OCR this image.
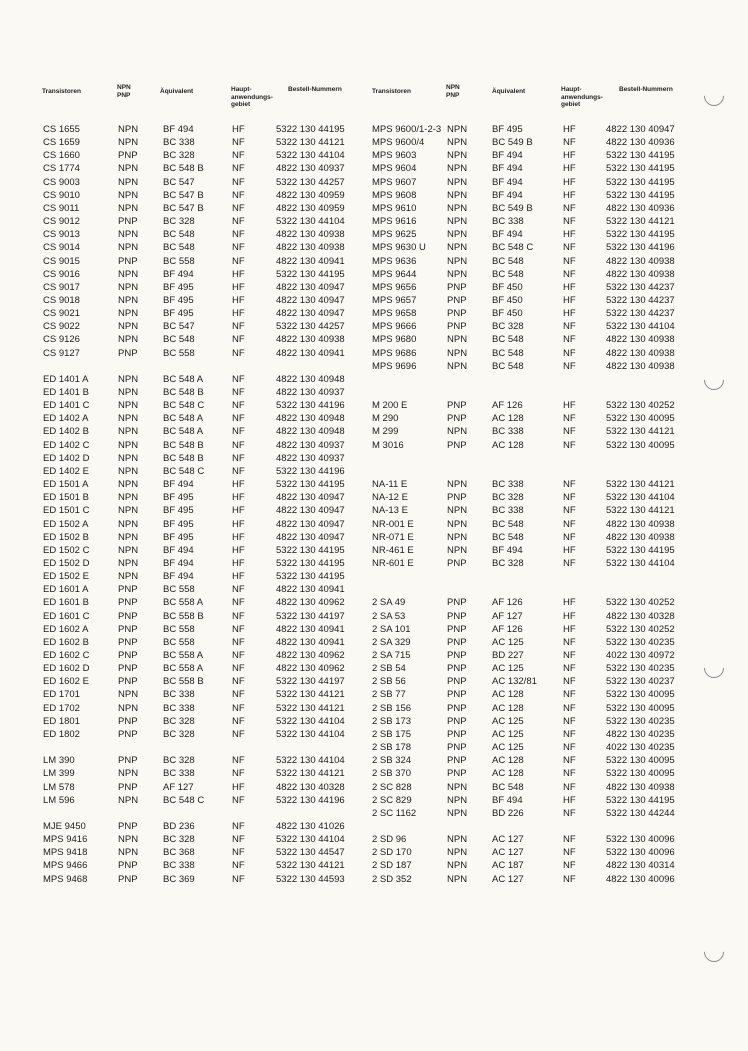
Transistoren
NPN
PNP	Äquivalent	Haupt-
anwendungs-
gebiet
Bestell-Nummern	Transistoren
NPN
PNP	Äquivalent	Haupt-
anwendungs-
gebiet
Bestell-Nummern
CS 1655	NPN	BF 494	HF	5322 130 44195
CS 1659	NPN	BC 338	NF	5322 130 44121
CS 1660	PNP	BC 328	NF	5322 130 44104
CS 1774	NPN	BC 548 B	NF	4822 130 40937
CS 9003	NPN	BC 547	NF	5322 130 44257
CS 9010	NPN	BC 547 B	NF	4822 130 40959
CS 9011	NPN	BC 547 B	NF	4822 130 40959
CS 9012	PNP	BC 328	NF	5322 130 44104
CS 9013	NPN	BC 548	NF	4822 130 40938
CS 9014	NPN	BC 548	NF	4822 130 40938
CS 9015	PNP	BC 558	NF	4822 130 40941
CS 9016	NPN	BF 494	HF	5322 130 44195
CS 9017	NPN	BF 495	HF	4822 130 40947
CS 9018	NPN	BF 495	HF	4822 130 40947
CS 9021	NPN	BF 495	HF	4822 130 40947
CS 9022	NPN	BC 547	NF	5322 130 44257
CS 9126	NPN	BC 548	NF	4822 130 40938
CS 9127	PNP	BC 558	NF	4822 130 40941
ED 1401 A	NPN	BC 548 A	NF	4822 130 40948
ED 1401 B	NPN	BC 548 B	NF	4822 130 40937
ED 1401 C	NPN	BC 548 C	NF	5322 130 44196
ED 1402 A	NPN	BC 548 A	NF	4822 130 40948
ED 1402 B	NPN	BC 548 A	NF	4822 130 40948
ED 1402 C	NPN	BC 548 B	NF	4822 130 40937
ED 1402 D	NPN	BC 548 B	NF	4822 130 40937
ED 1402 E	NPN	BC 548 C	NF	5322 130 44196
ED 1501 A	NPN	BF 494	HF	5322 130 44195
ED 1501 B	NPN	BF 495	HF	4822 130 40947
ED 1501 C	NPN	BF 495	HF	4822 130 40947
ED 1502 A	NPN	BF 495	HF	4822 130 40947
ED 1502 B	NPN	BF 495	HF	4822 130 40947
ED 1502 C	NPN	BF 494	HF	5322 130 44195
ED 1502 D	NPN	BF 494	HF	5322 130 44195
ED 1502 E	NPN	BF 494	HF	5322 130 44195
ED 1601 A	PNP	BC 558	NF	4822 130 40941
ED 1601 B	PNP	BC 558 A	NF	4822 130 40962
ED 1601 C	PNP	BC 558 B	NF	5322 130 44197
ED 1602 A	PNP	BC 558	NF	4822 130 40941
ED 1602 B	PNP	BC 558	NF	4822 130 40941
ED 1602 C	PNP	BC 558 A	NF	4822 130 40962
ED 1602 D	PNP	BC 558 A	NF	4822 130 40962
ED 1602 E	PNP	BC 558 B	NF	5322 130 44197
ED 1701	NPN	BC 338	NF	5322 130 44121
ED 1702	NPN	BC 338	NF	5322 130 44121
ED 1801	PNP	BC 328	NF	5322 130 44104
ED 1802	PNP	BC 328	NF	5322 130 44104
LM 390	PNP	BC 328	NF	5322 130 44104
LM 399	NPN	BC 338	NF	5322 130 44121
LM 578	PNP	AF 127	HF	4822 130 40328
LM 596	NPN	BC 548 C	NF	5322 130 44196
MJE 9450	PNP	BD 236	NF	4822 130 41026
MPS 9416	NPN	BC 328	NF	5322 130 44104
MPS 9418	NPN	BC 368	NF	5322 130 44547
MPS 9466	PNP	BC 338	NF	5322 130 44121
MPS 9468	PNP	BC 369	NF	5322 130 44593
MPS 9600/1-2-3 NPN	BF 495	HF	4822 130 40947
MPS 9600/4 NPN	BC 549 B	NF	4822 130 40936
MPS 9603	NPN	BF 494	HF	5322 130 44195
MPS 9604	NPN	BF 494	HF	5322 130 44195
MPS 9607	NPN	BF 494	HF	5322 130 44195
MPS 9608	NPN	BF 494	HF	5322 130 44195
MPS 9610	NPN	BC 549 B	NF	4822 130 40936
MPS 9616	NPN	BC 338	NF	5322 130 44121
MPS 9625	NPN	BF 494	HF	5322 130 44195
MPS 9630 U NPN	BC 548 C	NF	5322 130 44196
MPS 9636	NPN	BC 548	NF	4822 130 40938
MPS 9644	NPN	BC 548	NF	4822 130 40938
MPS 9656	PNP	BF 450	HF	5322 130 44237
MPS 9657	PNP	BF 450	HF	5322 130 44237
MPS 9658	PNP	BF 450	HF	5322 130 44237
MPS 9666	PNP	BC 328	NF	5322 130 44104
MPS 9680	NPN	BC 548	NF	4822 130 40938
MPS 9686	NPN	BC 548	NF	4822 130 40938
MPS 9696	NPN	BC 548	NF	4822 130 40938
M 200 E	PNP	AF 126	HF	5322 130 40252
M 290	PNP	AC 128	NF	5322 130 40095
M 299	NPN	BC 338	NF	5322 130 44121
M 3016	PNP	AC 128	NF	5322 130 40095
NA-11 E	NPN	BC 338	NF	5322 130 44121
NA-12 E	PNP	BC 328	NF	5322 130 44104
NA-13 E	NPN	BC 338	NF	5322 130 44121
NR-001 E	NPN	BC 548	NF	4822 130 40938
NR-071 E	NPN	BC 548	NF	4822 130 40938
NR-461 E	NPN	BF 494	HF	5322 130 44195
NR-601 E	PNP	BC 328	NF	5322 130 44104
2 SA 49	PNP	AF 126	HF	5322 130 40252
2 SA 53	PNP	AF 127	HF	4822 130 40328
2 SA 101	PNP	AF 126	HF	5322 130 40252
2 SA 329	PNP	AC 125	NF	5322 130 40235
2 SA 715	PNP	BD 227	NF	4022 130 40972
2 SB 54	PNP	AC 125	NF	5322 130 40235
2 SB 56	PNP	AC 132/81	NF	5322 130 40237
2 SB 77	PNP	AC 128	NF	5322 130 40095
2 SB 156	PNP	AC 128	NF	5322 130 40095
2 SB 173	PNP	AC 125	NF	5322 130 40235
2 SB 175	PNP	AC 125	NF	4822 130 40235
2 SB 178	PNP	AC 125	NF	4022 130 40235
2 SB 324	PNP	AC 128	NF	5322 130 40095
2 SB 370	PNP	AC 128	NF	5322 130 40095
2 SC 828	NPN	BC 548	NF	4822 130 40938
2 SC 829	NPN	BF 494	HF	5322 130 44195
2 SC 1162	NPN	BD 226	NF	5322 130 44244
2 SD 96	NPN	AC 127	NF	5322 130 40096
2 SD 170	NPN	AC 127	NF	5322 130 40096
2 SD 187	NPN	AC 187	NF	4822 130 40314
2 SD 352	NPN	AC 127	NF	4822 130 40096
